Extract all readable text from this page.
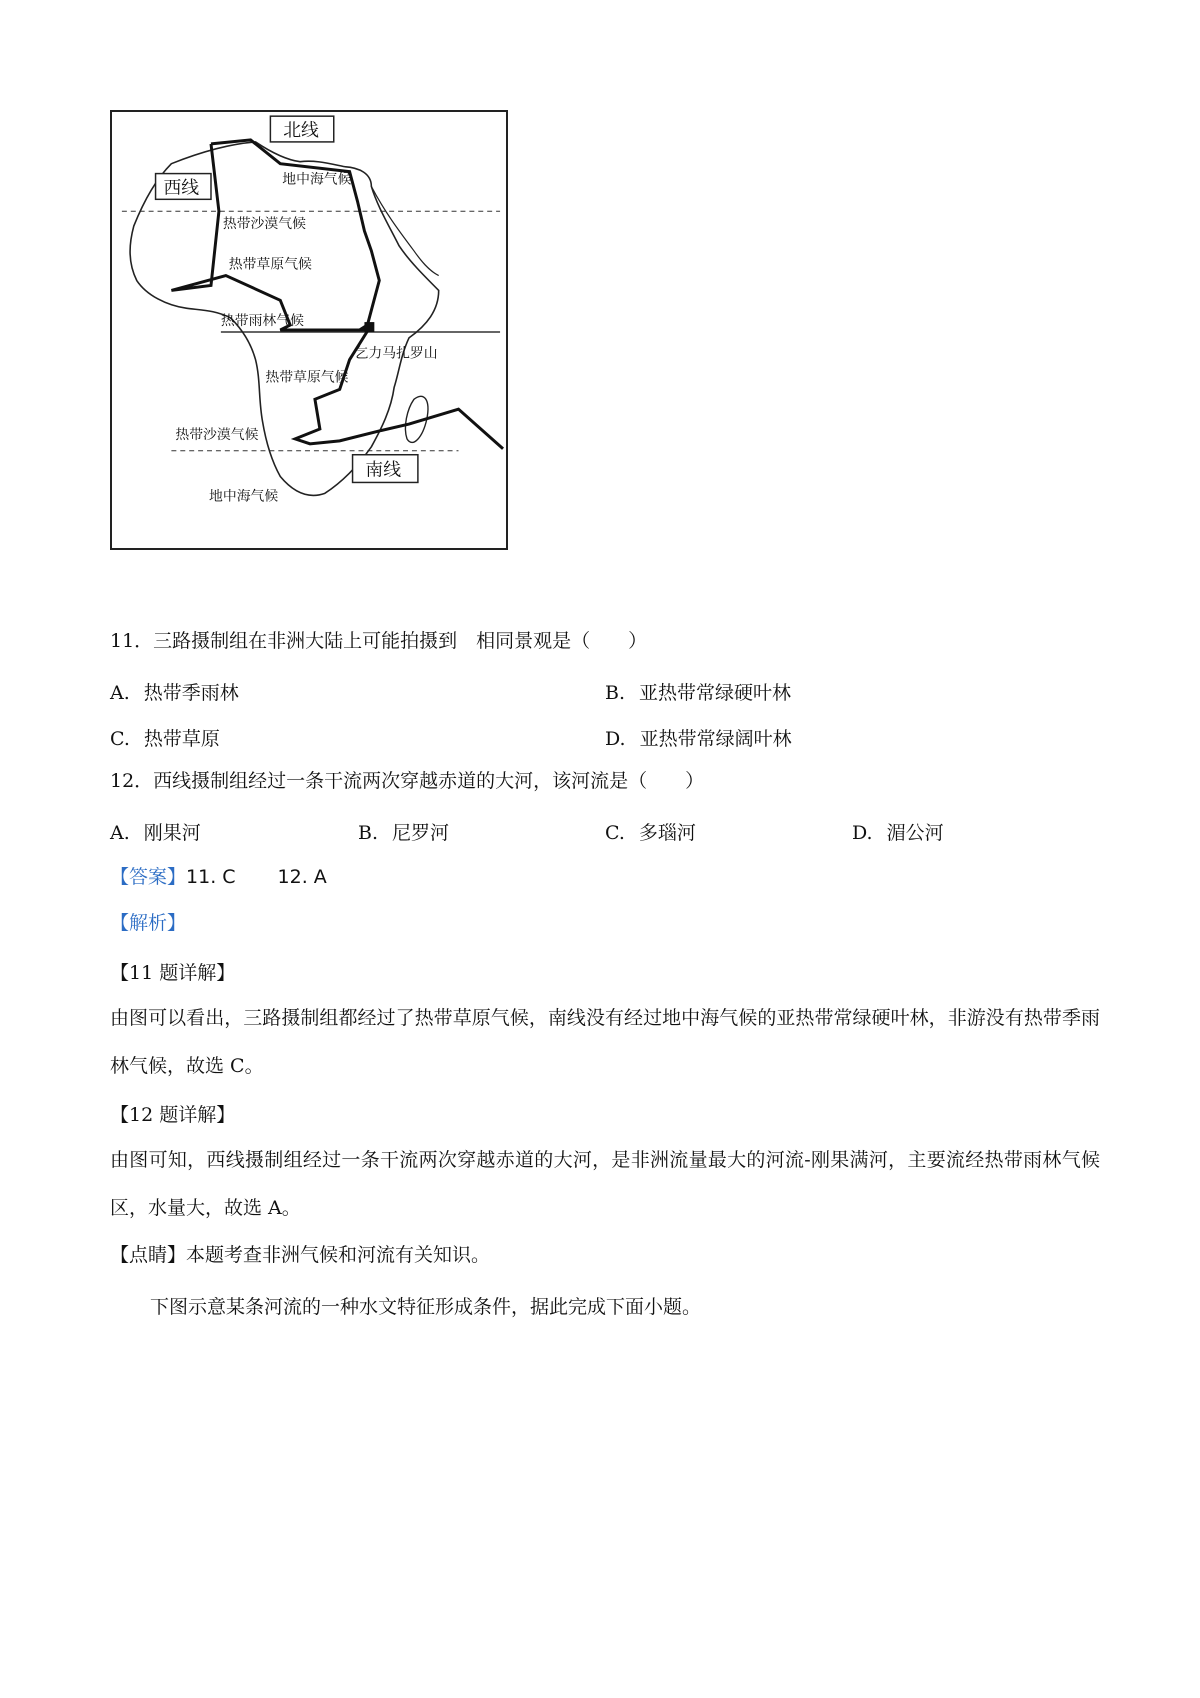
北线
西线
南线
地中海气候
热带沙漠气候
热带草原气候
热带雨林气候
乞力马扎罗山
热带草原气候
热带沙漠气候
地中海气候
11．三路摄制组在非洲大陆上可能拍摄到　相同景观是（　　）
A. 热带季雨林	B. 亚热带常绿硬叶林
C. 热带草原	D. 亚热带常绿阔叶林
12．西线摄制组经过一条干流两次穿越赤道的大河，该河流是（　　）
A. 刚果河	B. 尼罗河	C. 多瑙河	D. 湄公河
【答案】11. C 12. A
【解析】
【11 题详解】
由图可以看出，三路摄制组都经过了热带草原气候，南线没有经过地中海气候的亚热带常绿硬叶林，非游没有热带季雨林气候，故选 C。
【12 题详解】
由图可知，西线摄制组经过一条干流两次穿越赤道的大河，是非洲流量最大的河流-刚果满河，主要流经热带雨林气候区，水量大，故选 A。
【点睛】本题考查非洲气候和河流有关知识。
下图示意某条河流的一种水文特征形成条件，据此完成下面小题。
